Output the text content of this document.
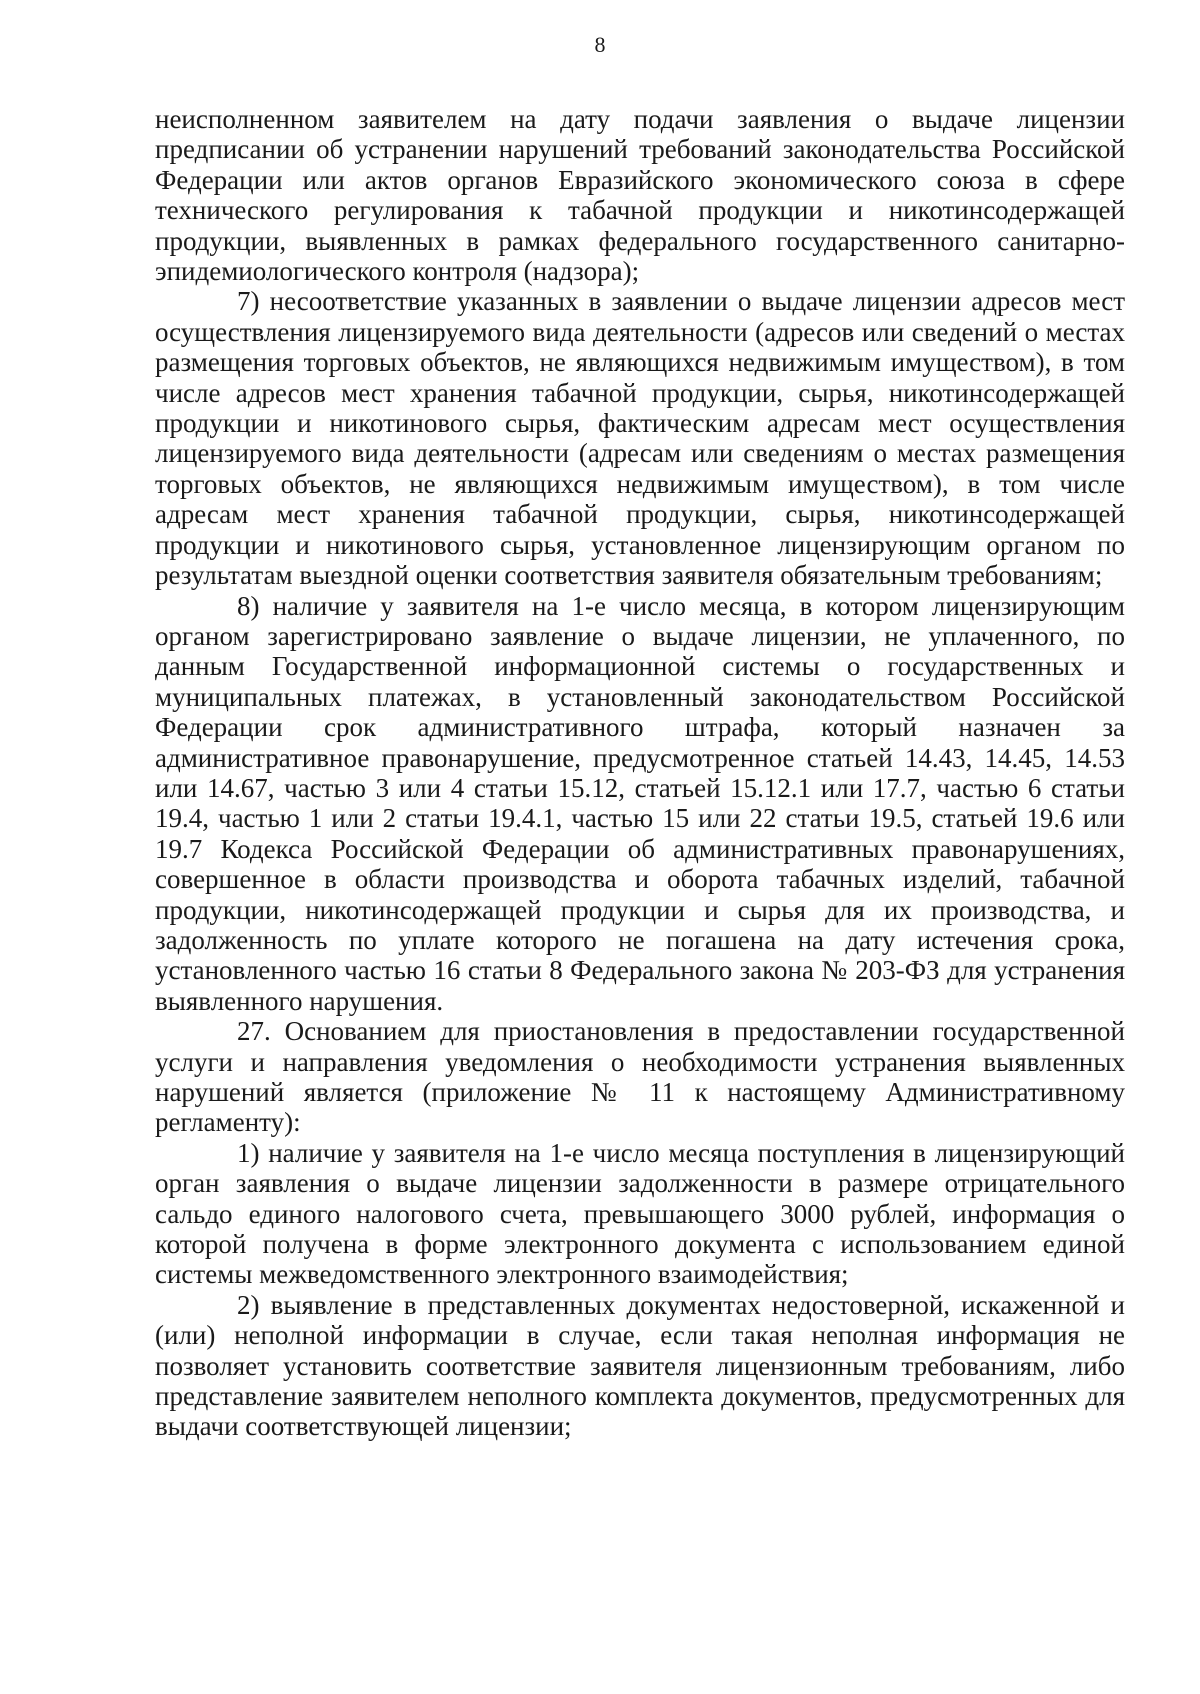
8

неисполненном заявителем на дату подачи заявления о выдаче лицензии предписании об устранении нарушений требований законодательства Российской Федерации или актов органов Евразийского экономического союза в сфере технического регулирования к табачной продукции и никотинсодержащей продукции, выявленных в рамках федерального государственного санитарно-эпидемиологического контроля (надзора);

7) несоответствие указанных в заявлении о выдаче лицензии адресов мест осуществления лицензируемого вида деятельности (адресов или сведений о местах размещения торговых объектов, не являющихся недвижимым имуществом), в том числе адресов мест хранения табачной продукции, сырья, никотинсодержащей продукции и никотинового сырья, фактическим адресам мест осуществления лицензируемого вида деятельности (адресам или сведениям о местах размещения торговых объектов, не являющихся недвижимым имуществом), в том числе адресам мест хранения табачной продукции, сырья, никотинсодержащей продукции и никотинового сырья, установленное лицензирующим органом по результатам выездной оценки соответствия заявителя обязательным требованиям;

8) наличие у заявителя на 1-е число месяца, в котором лицензирующим органом зарегистрировано заявление о выдаче лицензии, не уплаченного, по данным Государственной информационной системы о государственных и муниципальных платежах, в установленный законодательством Российской Федерации срок административного штрафа, который назначен за административное правонарушение, предусмотренное статьей 14.43, 14.45, 14.53 или 14.67, частью 3 или 4 статьи 15.12, статьей 15.12.1 или 17.7, частью 6 статьи 19.4, частью 1 или 2 статьи 19.4.1, частью 15 или 22 статьи 19.5, статьей 19.6 или 19.7 Кодекса Российской Федерации об административных правонарушениях, совершенное в области производства и оборота табачных изделий, табачной продукции, никотинсодержащей продукции и сырья для их производства, и задолженность по уплате которого не погашена на дату истечения срока, установленного частью 16 статьи 8 Федерального закона № 203-ФЗ для устранения выявленного нарушения.

27. Основанием для приостановления в предоставлении государственной услуги и направления уведомления о необходимости устранения выявленных нарушений является (приложение № 11 к настоящему Административному регламенту):

1) наличие у заявителя на 1-е число месяца поступления в лицензирующий орган заявления о выдаче лицензии задолженности в размере отрицательного сальдо единого налогового счета, превышающего 3000 рублей, информация о которой получена в форме электронного документа с использованием единой системы межведомственного электронного взаимодействия;

2) выявление в представленных документах недостоверной, искаженной и (или) неполной информации в случае, если такая неполная информация не позволяет установить соответствие заявителя лицензионным требованиям, либо представление заявителем неполного комплекта документов, предусмотренных для выдачи соответствующей лицензии;
